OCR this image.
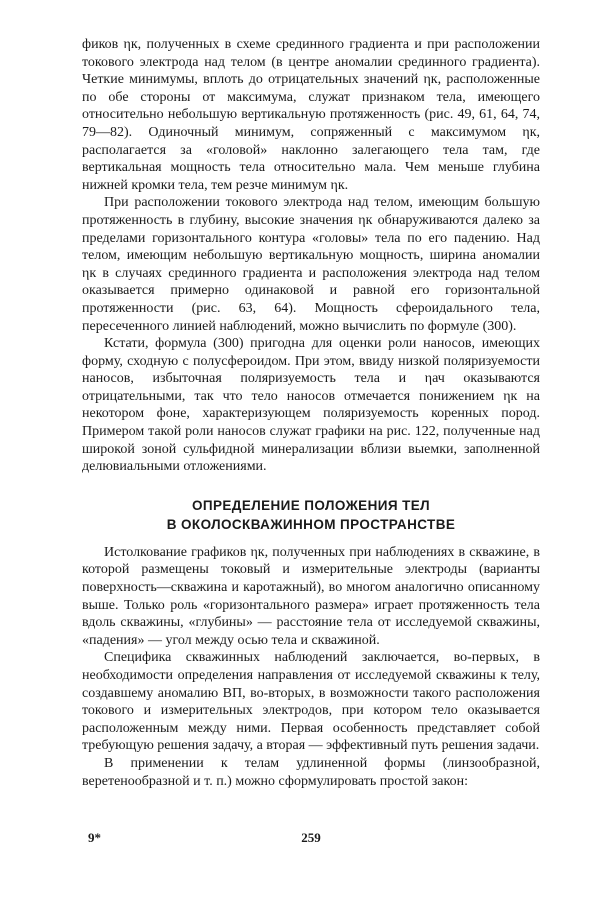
фиков ηк, полученных в схеме срединного градиента и при расположении токового электрода над телом (в центре аномалии срединного градиента). Четкие минимумы, вплоть до отрицательных значений ηк, расположенные по обе стороны от максимума, служат признаком тела, имеющего относительно небольшую вертикальную протяженность (рис. 49, 61, 64, 74, 79—82). Одиночный минимум, сопряженный с максимумом ηк, располагается за «головой» наклонно залегающего тела там, где вертикальная мощность тела относительно мала. Чем меньше глубина нижней кромки тела, тем резче минимум ηк.

При расположении токового электрода над телом, имеющим большую протяженность в глубину, высокие значения ηк обнаруживаются далеко за пределами горизонтального контура «головы» тела по его падению. Над телом, имеющим небольшую вертикальную мощность, ширина аномалии ηк в случаях срединного градиента и расположения электрода над телом оказывается примерно одинаковой и равной его горизонтальной протяженности (рис. 63, 64). Мощность сфероидального тела, пересеченного линией наблюдений, можно вычислить по формуле (300).

Кстати, формула (300) пригодна для оценки роли наносов, имеющих форму, сходную с полусфероидом. При этом, ввиду низкой поляризуемости наносов, избыточная поляризуемость тела и ηач оказываются отрицательными, так что тело наносов отмечается понижением ηк на некотором фоне, характеризующем поляризуемость коренных пород. Примером такой роли наносов служат графики на рис. 122, полученные над широкой зоной сульфидной минерализации вблизи выемки, заполненной делювиальными отложениями.

ОПРЕДЕЛЕНИЕ ПОЛОЖЕНИЯ ТЕЛ
В ОКОЛОСКВАЖИННОМ ПРОСТРАНСТВЕ

Истолкование графиков ηк, полученных при наблюдениях в скважине, в которой размещены токовый и измерительные электроды (варианты поверхность—скважина и каротажный), во многом аналогично описанному выше. Только роль «горизонтального размера» играет протяженность тела вдоль скважины, «глубины» — расстояние тела от исследуемой скважины, «падения» — угол между осью тела и скважиной.

Специфика скважинных наблюдений заключается, во-первых, в необходимости определения направления от исследуемой скважины к телу, создавшему аномалию ВП, во-вторых, в возможности такого расположения токового и измерительных электродов, при котором тело оказывается расположенным между ними. Первая особенность представляет собой требующую решения задачу, а вторая — эффективный путь решения задачи.

В применении к телам удлиненной формы (линзообразной, веретенообразной и т. п.) можно сформулировать простой закон:

9*	259
